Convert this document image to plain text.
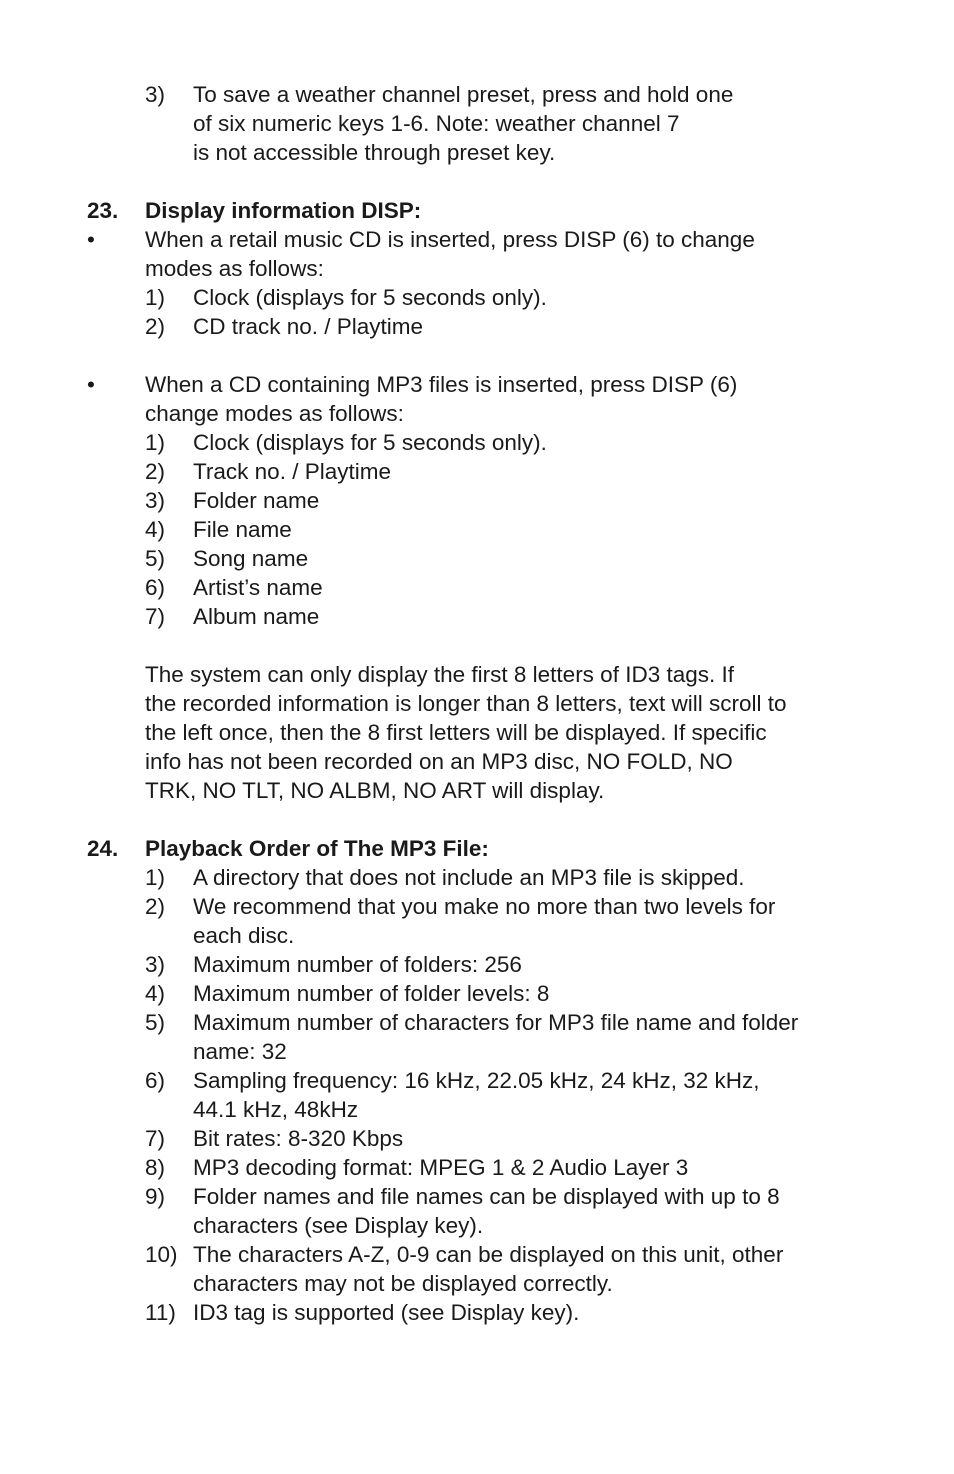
3) To save a weather channel preset, press and hold one
of six numeric keys 1-6. Note: weather channel 7
is not accessible through preset key.
23. Display information DISP:
• When a retail music CD is inserted, press DISP (6) to change
modes as follows:
1) Clock (displays for 5 seconds only).
2) CD track no. / Playtime
• When a CD containing MP3 files is inserted, press DISP (6)
change modes as follows:
1) Clock (displays for 5 seconds only).
2) Track no. / Playtime
3) Folder name
4) File name
5) Song name
6) Artist’s name
7) Album name
The system can only display the first 8 letters of ID3 tags. If
the recorded information is longer than 8 letters, text will scroll to
the left once, then the 8 first letters will be displayed. If specific
info has not been recorded on an MP3 disc, NO FOLD, NO
TRK, NO TLT, NO ALBM, NO ART will display.
24. Playback Order of The MP3 File:
1) A directory that does not include an MP3 file is skipped.
2) We recommend that you make no more than two levels for
each disc.
3) Maximum number of folders: 256
4) Maximum number of folder levels: 8
5) Maximum number of characters for MP3 file name and folder
name: 32
6) Sampling frequency: 16 kHz, 22.05 kHz, 24 kHz, 32 kHz,
44.1 kHz, 48kHz
7) Bit rates: 8-320 Kbps
8) MP3 decoding format: MPEG 1 & 2 Audio Layer 3
9) Folder names and file names can be displayed with up to 8
characters (see Display key).
10) The characters A-Z, 0-9 can be displayed on this unit, other
characters may not be displayed correctly.
11) ID3 tag is supported (see Display key).
